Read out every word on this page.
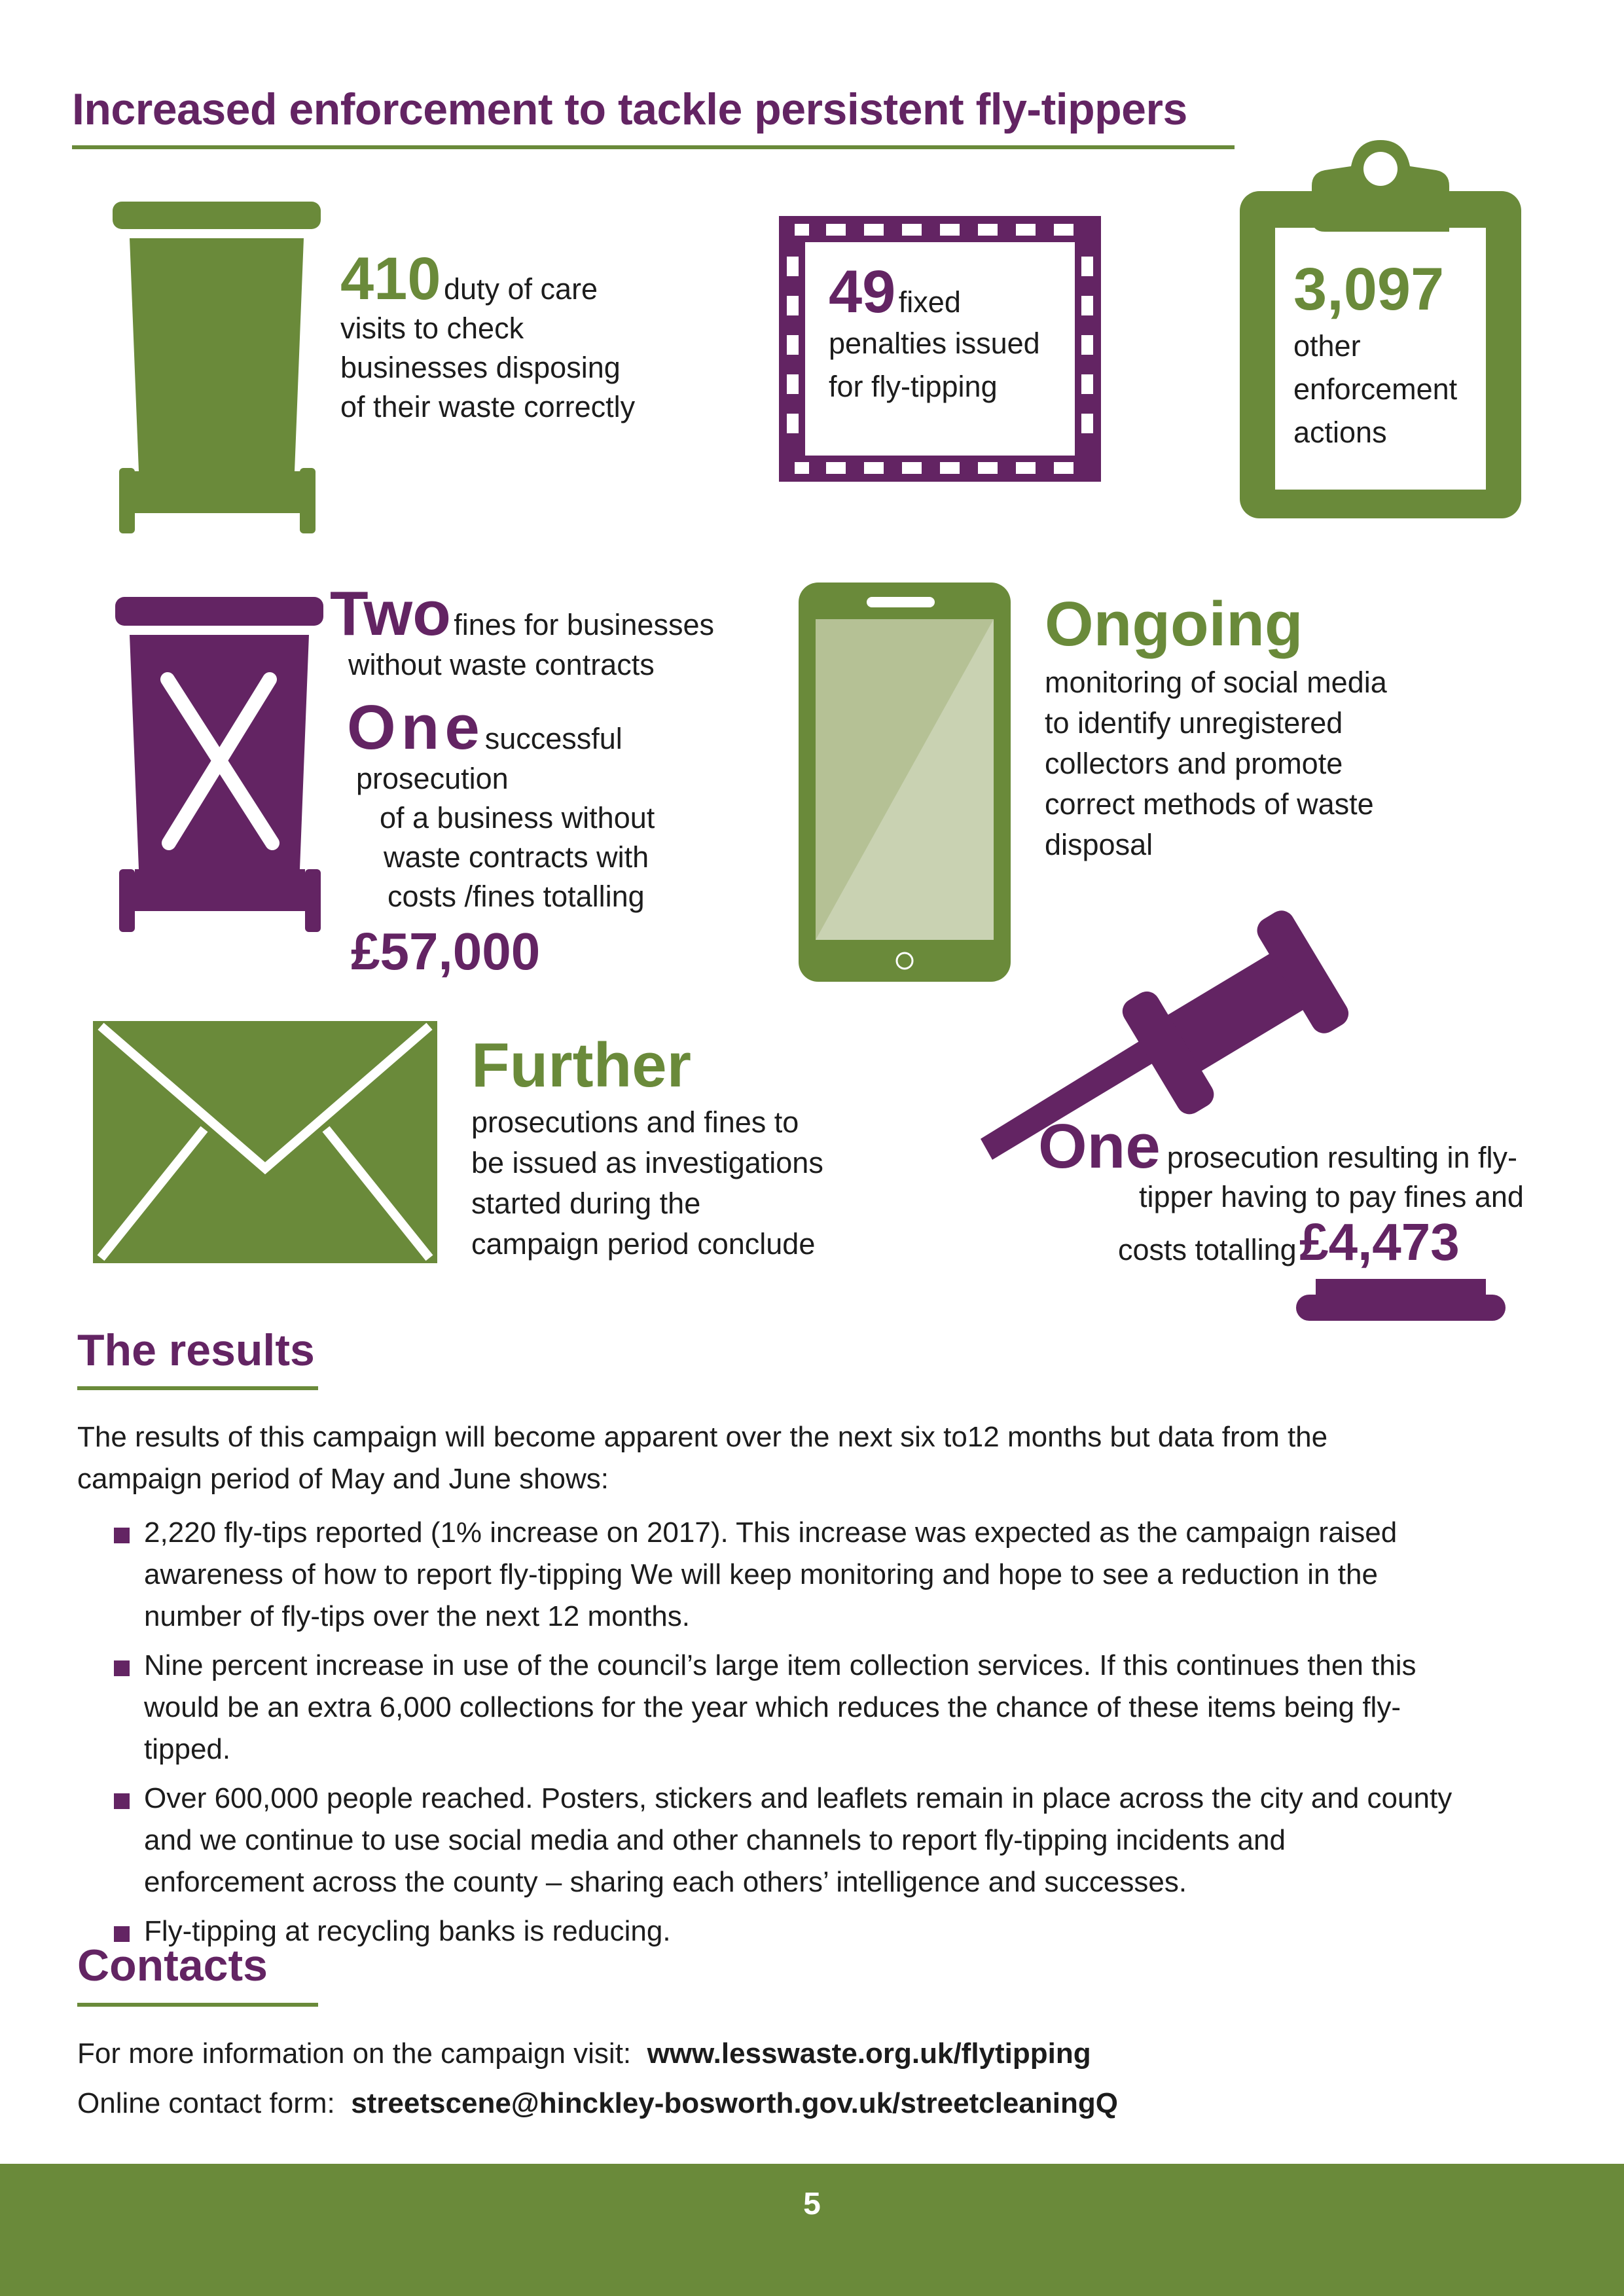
Increased enforcement to tackle persistent fly-tippers
410 duty of care
visits to check
businesses disposing
of their waste correctly
49 fixed
penalties issued
for fly-tipping
3,097
other
enforcement
actions
Two fines for businesses
without waste contracts
Onesuccessful
prosecution
of a business without
waste contracts with
costs /fines totalling
£57,000
Ongoing
monitoring of social media
to identify unregistered
collectors and promote
correct methods of waste
disposal
Further
prosecutions and fines to
be issued as investigations
started during the
campaign period conclude
One prosecution resulting in fly-
tipper having to pay fines and
costs totalling £4,473
The results
The results of this campaign will become apparent over the next six to12 months but data from the
campaign period of May and June shows:
2,220 fly-tips reported (1% increase on 2017). This increase was expected as the campaign raised
awareness of how to report fly-tipping We will keep monitoring and hope to see a reduction in the
number of fly-tips over the next 12 months.
Nine percent increase in use of the council’s large item collection services. If this continues then this
would be an extra 6,000 collections for the year which reduces the chance of these items being fly-
tipped.
Over 600,000 people reached. Posters, stickers and leaflets remain in place across the city and county
and we continue to use social media and other channels to report fly-tipping incidents and
enforcement across the county – sharing each others’ intelligence and successes.
Fly-tipping at recycling banks is reducing.
Contacts
For more information on the campaign visit: www.lesswaste.org.uk/flytipping
Online contact form: streetscene@hinckley-bosworth.gov.uk/streetcleaningQ
5
